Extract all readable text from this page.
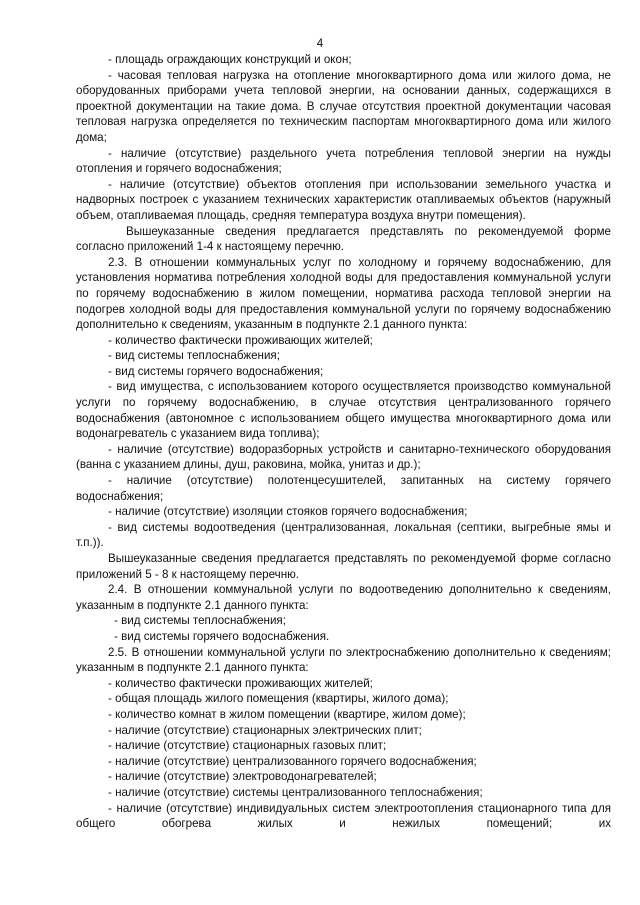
4

- площадь ограждающих конструкций и окон;

- часовая тепловая нагрузка на отопление многоквартирного дома или жилого дома, не оборудованных приборами учета тепловой энергии, на основании данных, содержащихся в проектной документации на такие дома. В случае отсутствия проектной документации часовая тепловая нагрузка определяется по техническим паспортам многоквартирного дома или жилого дома;

- наличие (отсутствие) раздельного учета потребления тепловой энергии на нужды отопления и горячего водоснабжения;

- наличие (отсутствие) объектов отопления при использовании земельного участка и надворных построек с указанием технических характеристик отапливаемых объектов (наружный объем, отапливаемая площадь, средняя температура воздуха внутри помещения).

Вышеуказанные сведения предлагается представлять по рекомендуемой форме согласно приложений 1-4 к настоящему перечню.

2.3. В отношении коммунальных услуг по холодному и горячему водоснабжению, для установления норматива потребления холодной воды для предоставления коммунальной услуги по горячему водоснабжению в жилом помещении, норматива расхода тепловой энергии на подогрев холодной воды для предоставления коммунальной услуги по горячему водоснабжению дополнительно к сведениям, указанным в подпункте 2.1 данного пункта:

- количество фактически проживающих жителей;

- вид системы теплоснабжения;

- вид системы горячего водоснабжения;

- вид имущества, с использованием которого осуществляется производство коммунальной услуги по горячему водоснабжению, в случае отсутствия централизованного горячего водоснабжения (автономное с использованием общего имущества многоквартирного дома или водонагреватель с указанием вида топлива);

- наличие (отсутствие) водоразборных устройств и санитарно-технического оборудования (ванна с указанием длины, душ, раковина, мойка, унитаз и др.);

- наличие (отсутствие) полотенцесушителей, запитанных на систему горячего водоснабжения;

- наличие (отсутствие) изоляции стояков горячего водоснабжения;

- вид системы водоотведения (централизованная, локальная (септики, выгребные ямы и т.п.)).

Вышеуказанные сведения предлагается представлять по рекомендуемой форме согласно приложений 5 - 8 к настоящему перечню.

2.4. В отношении коммунальной услуги по водоотведению дополнительно к сведениям, указанным в подпункте 2.1 данного пункта:

- вид системы теплоснабжения;

- вид системы горячего водоснабжения.

2.5. В отношении коммунальной услуги по электроснабжению дополнительно к сведениям; указанным в подпункте 2.1 данного пункта:

- количество фактически проживающих жителей;

- общая площадь жилого помещения (квартиры, жилого дома);

- количество комнат в жилом помещении (квартире, жилом доме);

- наличие (отсутствие) стационарных электрических плит;

- наличие (отсутствие) стационарных газовых плит;

- наличие (отсутствие) централизованного горячего водоснабжения;

- наличие (отсутствие) электроводонагревателей;

- наличие (отсутствие) системы централизованного теплоснабжения;

- наличие (отсутствие) индивидуальных систем электроотопления стационарного типа для общего обогрева жилых и нежилых помещений; их
